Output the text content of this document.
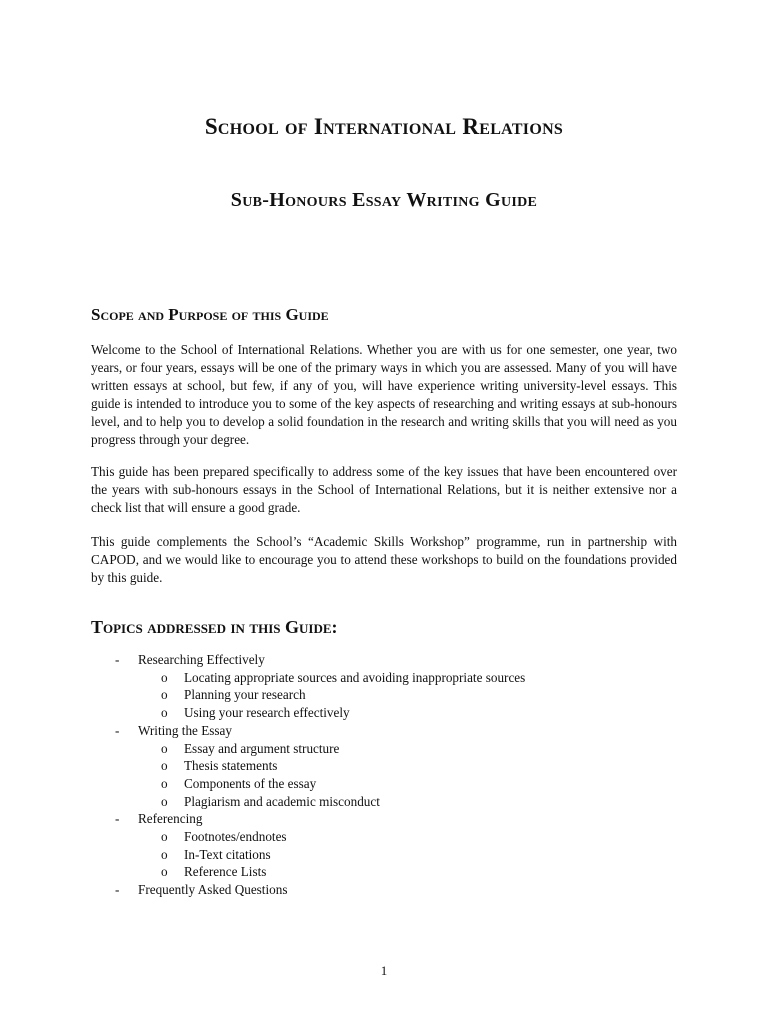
School of International Relations
Sub-Honours Essay Writing Guide
Scope and Purpose of this Guide

Welcome to the School of International Relations. Whether you are with us for one semester, one year, two years, or four years, essays will be one of the primary ways in which you are assessed. Many of you will have written essays at school, but few, if any of you, will have experience writing university-level essays. This guide is intended to introduce you to some of the key aspects of researching and writing essays at sub-honours level, and to help you to develop a solid foundation in the research and writing skills that you will need as you progress through your degree.

This guide has been prepared specifically to address some of the key issues that have been encountered over the years with sub-honours essays in the School of International Relations, but it is neither extensive nor a check list that will ensure a good grade.

This guide complements the School’s “Academic Skills Workshop” programme, run in partnership with CAPOD, and we would like to encourage you to attend these workshops to build on the foundations provided by this guide.

Topics addressed in this Guide:
- Researching Effectively
o Locating appropriate sources and avoiding inappropriate sources
o Planning your research
o Using your research effectively
- Writing the Essay
o Essay and argument structure
o Thesis statements
o Components of the essay
o Plagiarism and academic misconduct
- Referencing
o Footnotes/endnotes
o In-Text citations
o Reference Lists
- Frequently Asked Questions

1
